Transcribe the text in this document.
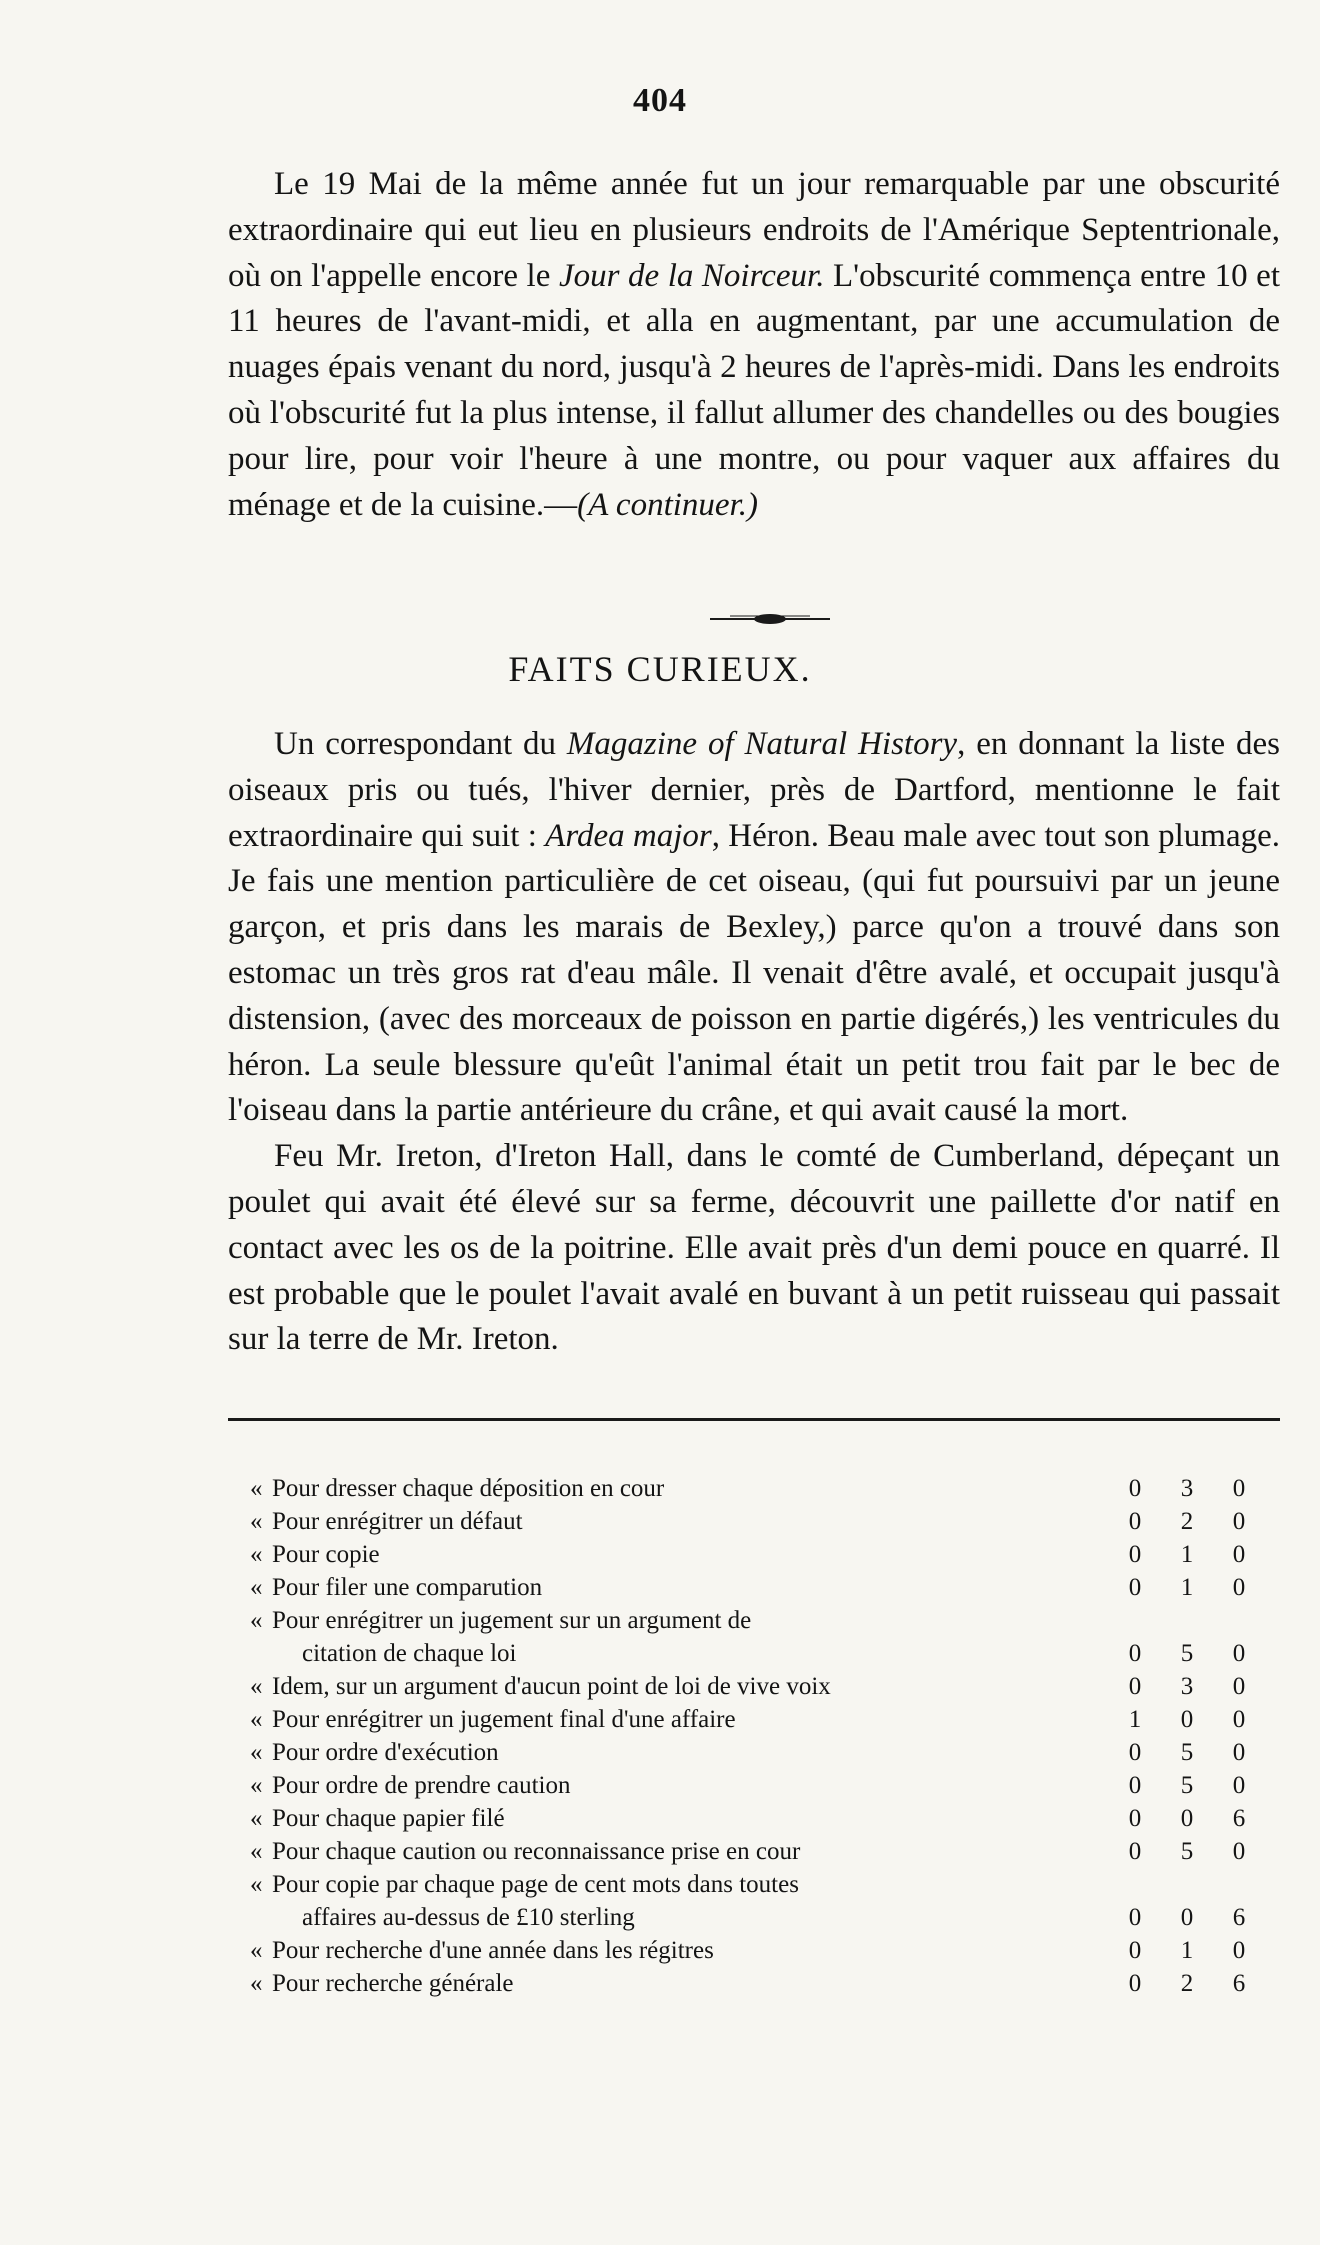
404

Le 19 Mai de la même année fut un jour remarquable par une obscurité extraordinaire qui eut lieu en plusieurs endroits de l'Amérique Septentrionale, où on l'appelle encore le Jour de la Noirceur. L'obscurité commença entre 10 et 11 heures de l'avant-midi, et alla en augmentant, par une accumulation de nuages épais venant du nord, jusqu'à 2 heures de l'après-midi. Dans les endroits où l'obscurité fut la plus intense, il fallut allumer des chandelles ou des bougies pour lire, pour voir l'heure à une montre, ou pour vaquer aux affaires du ménage et de la cuisine.—(A continuer.)

FAITS CURIEUX.

Un correspondant du Magazine of Natural History, en donnant la liste des oiseaux pris ou tués, l'hiver dernier, près de Dartford, mentionne le fait extraordinaire qui suit : Ardea major, Héron. Beau male avec tout son plumage. Je fais une mention particulière de cet oiseau, (qui fut poursuivi par un jeune garçon, et pris dans les marais de Bexley,) parce qu'on a trouvé dans son estomac un très gros rat d'eau mâle. Il venait d'être avalé, et occupait jusqu'à distension, (avec des morceaux de poisson en partie digérés,) les ventricules du héron. La seule blessure qu'eût l'animal était un petit trou fait par le bec de l'oiseau dans la partie antérieure du crâne, et qui avait causé la mort.

Feu Mr. Ireton, d'Ireton Hall, dans le comté de Cumberland, dépeçant un poulet qui avait été élevé sur sa ferme, découvrit une paillette d'or natif en contact avec les os de la poitrine. Elle avait près d'un demi pouce en quarré. Il est probable que le poulet l'avait avalé en buvant à un petit ruisseau qui passait sur la terre de Mr. Ireton.

« Pour dresser chaque déposition en cour	0	3	0
« Pour enrégitrer un défaut	0	2	0
« Pour copie	0	1	0
« Pour filer une comparution	0	1	0
« Pour enrégitrer un jugement sur un argument de
citation de chaque loi	0	5	0
« Idem, sur un argument d'aucun point de loi de vive voix	0	3	0
« Pour enrégitrer un jugement final d'une affaire	1	0	0
« Pour ordre d'exécution	0	5	0
« Pour ordre de prendre caution	0	5	0
« Pour chaque papier filé	0	0	6
« Pour chaque caution ou reconnaissance prise en cour	0	5	0
« Pour copie par chaque page de cent mots dans toutes
affaires au-dessus de £10 sterling	0	0	6
« Pour recherche d'une année dans les régitres	0	1	0
« Pour recherche générale	0	2	6
